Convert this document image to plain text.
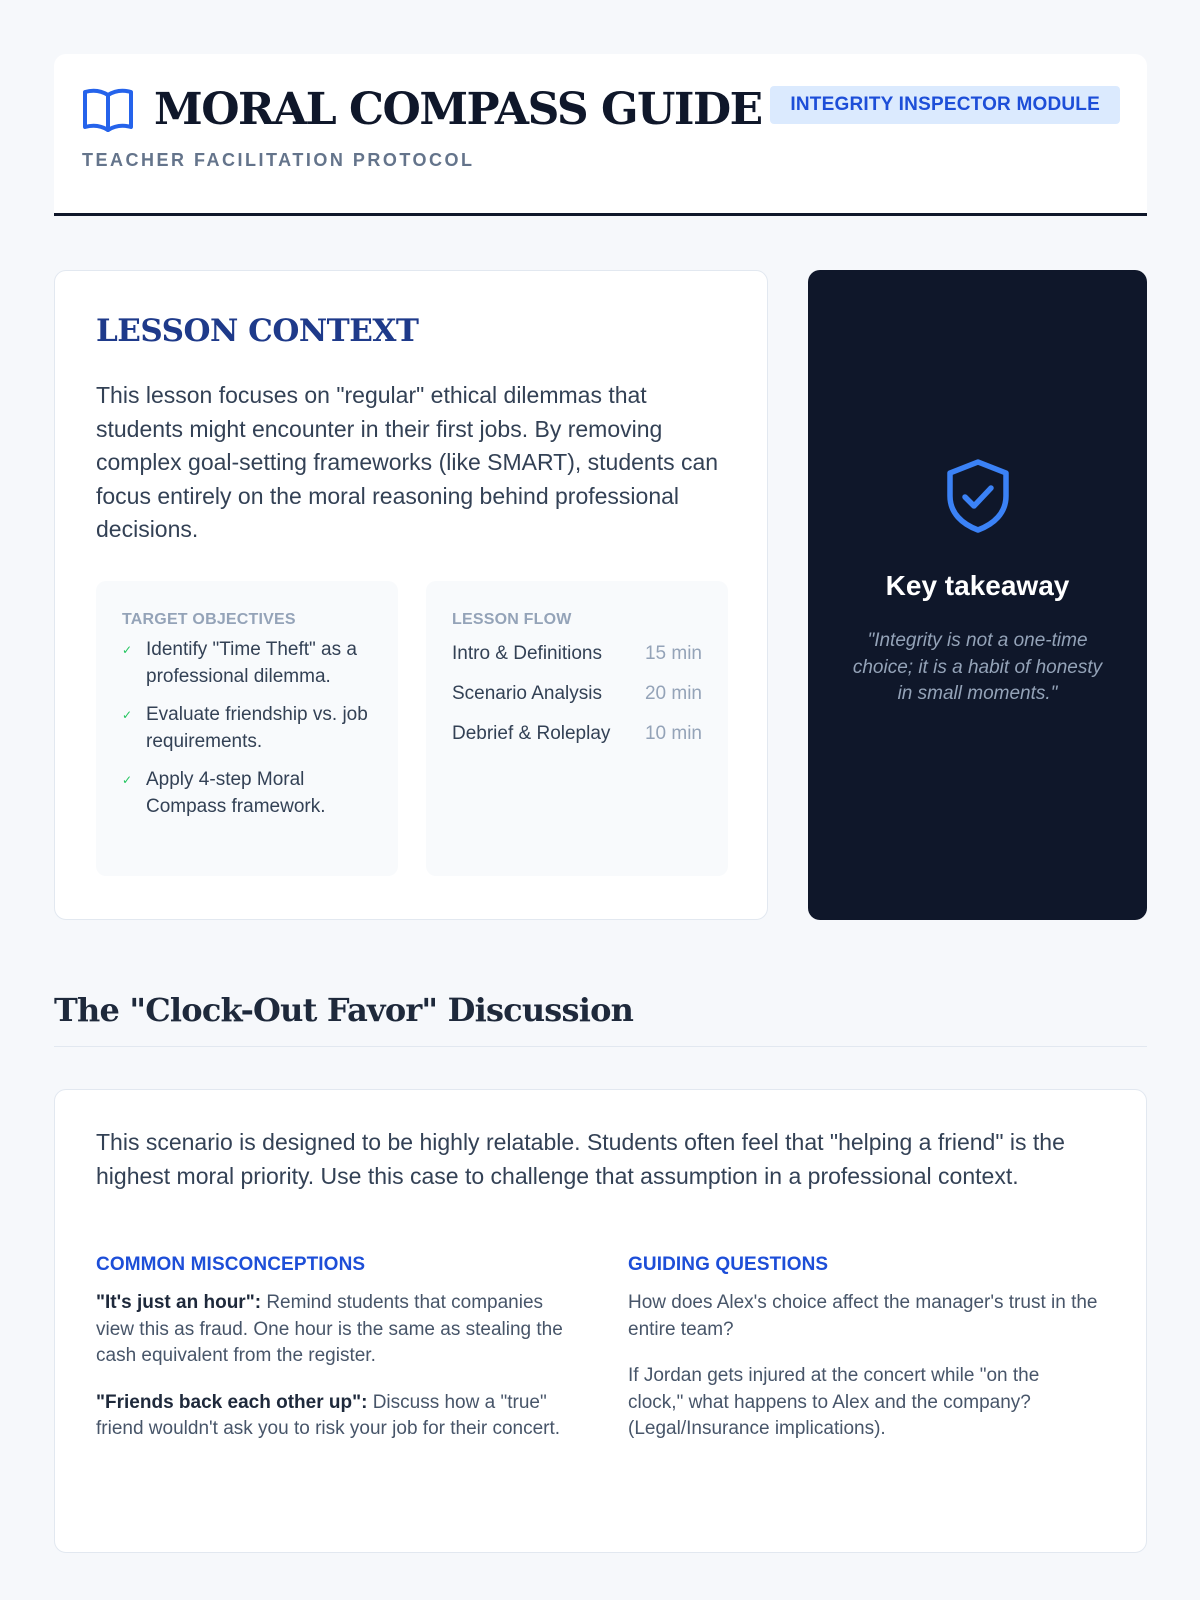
MORAL COMPASS GUIDE	INTEGRITY INSPECTOR MODULE
TEACHER FACILITATION PROTOCOL
LESSON CONTEXT

This lesson focuses on "regular" ethical dilemmas that students might encounter in their first jobs. By removing complex goal-setting frameworks (like SMART), students can focus entirely on the moral reasoning behind professional decisions.

TARGET OBJECTIVES
✓ Identify "Time Theft" as a professional dilemma.
✓ Evaluate friendship vs. job requirements.
✓ Apply 4-step Moral Compass framework.
LESSON FLOW
Intro & Definitions 15 min
Scenario Analysis 20 min
Debrief & Roleplay 10 min
Key takeaway

"Integrity is not a one-time choice; it is a habit of honesty in small moments."

The "Clock-Out Favor" Discussion

This scenario is designed to be highly relatable. Students often feel that "helping a friend" is the highest moral priority. Use this case to challenge that assumption in a professional context.

COMMON MISCONCEPTIONS

"It's just an hour": Remind students that companies view this as fraud. One hour is the same as stealing the cash equivalent from the register.

"Friends back each other up": Discuss how a "true" friend wouldn't ask you to risk your job for their concert.

GUIDING QUESTIONS

How does Alex's choice affect the manager's trust in the entire team?

If Jordan gets injured at the concert while "on the clock," what happens to Alex and the company? (Legal/Insurance implications).
